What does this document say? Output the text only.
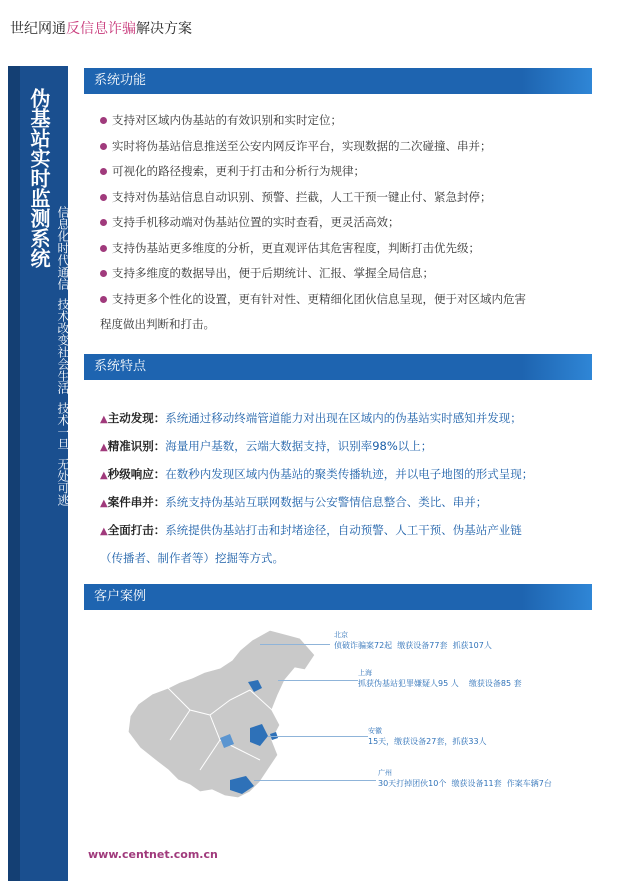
世纪网通反信息诈骗解决方案
伪基站实时监测系统 信息化时代通信
技术改变社会生活
技术一旦
无处可逃
系统功能
支持对区域内伪基站的有效识别和实时定位；
实时将伪基站信息推送至公安内网反诈平台，实现数据的二次碰撞、串并；
可视化的路径搜索，更利于打击和分析行为规律；
支持对伪基站信息自动识别、预警、拦截，人工干预一键止付、紧急封停；
支持手机移动端对伪基站位置的实时查看，更灵活高效；
支持伪基站更多维度的分析，更直观评估其危害程度，判断打击优先级；
支持多维度的数据导出，便于后期统计、汇报、掌握全局信息；
支持更多个性化的设置，更有针对性、更精细化团伙信息呈现，便于对区域内危害
程度做出判断和打击。
系统特点
▲主动发现：系统通过移动终端管道能力对出现在区域内的伪基站实时感知并发现；
▲精准识别：海量用户基数，云端大数据支持，识别率98%以上；
▲秒级响应：在数秒内发现区域内伪基站的聚类传播轨迹，并以电子地图的形式呈现；
▲案件串并：系统支持伪基站互联网数据与公安警情信息整合、类比、串并；
▲全面打击：系统提供伪基站打击和封堵途径，自动预警、人工干预、伪基站产业链
（传播者、制作者等）挖掘等方式。
客户案例
北京
侦破诈骗案72起 缴获设备77套 抓获107人
上海
抓获伪基站犯罪嫌疑人95 人 缴获设备85 套
安徽
15天，缴获设备27套，抓获33人
广州
30天打掉团伙10个 缴获设备11套 作案车辆7台
www.centnet.com.cn
